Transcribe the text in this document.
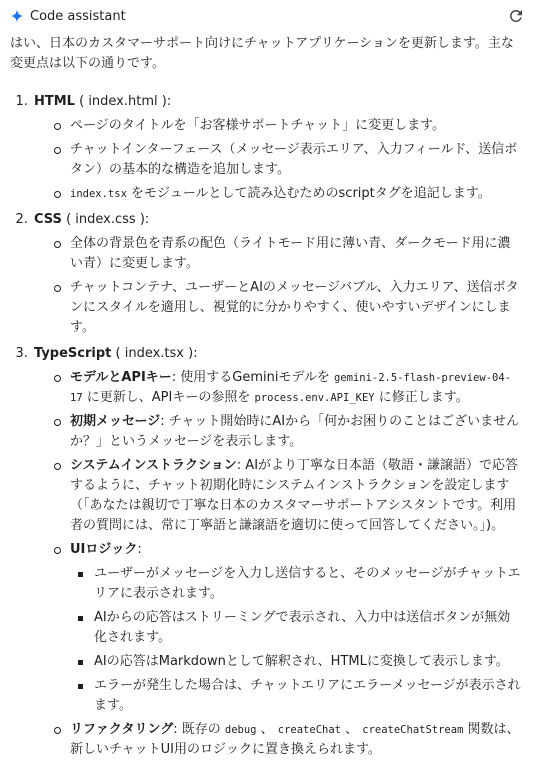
Code assistant

はい、日本のカスタマーサポート向けにチャットアプリケーションを更新します。主な変更点は以下の通りです。

1. HTML ( index.html ):
ページのタイトルを「お客様サポートチャット」に変更します。
チャットインターフェース（メッセージ表示エリア、入力フィールド、送信ボタン）の基本的な構造を追加します。
index.tsx をモジュールとして読み込むためのscriptタグを追記します。
2. CSS ( index.css ):
全体の背景色を青系の配色（ライトモード用に薄い青、ダークモード用に濃い青）に変更します。
チャットコンテナ、ユーザーとAIのメッセージバブル、入力エリア、送信ボタンにスタイルを適用し、視覚的に分かりやすく、使いやすいデザインにします。
3. TypeScript ( index.tsx ):
モデルとAPIキー: 使用するGeminiモデルを gemini-2.5-flash-preview-04-17 に更新し、APIキーの参照を process.env.API_KEY に修正します。
初期メッセージ: チャット開始時にAIから「何かお困りのことはございませんか？」というメッセージを表示します。
システムインストラクション: AIがより丁寧な日本語（敬語・謙譲語）で応答するように、チャット初期化時にシステムインストラクションを設定します（「あなたは親切で丁寧な日本のカスタマーサポートアシスタントです。利用者の質問には、常に丁寧語と謙譲語を適切に使って回答してください。」)。
UIロジック:
ユーザーがメッセージを入力し送信すると、そのメッセージがチャットエリアに表示されます。
AIからの応答はストリーミングで表示され、入力中は送信ボタンが無効化されます。
AIの応答はMarkdownとして解釈され、HTMLに変換して表示します。
エラーが発生した場合は、チャットエリアにエラーメッセージが表示されます。
リファクタリング: 既存の debug 、 createChat 、 createChatStream 関数は、新しいチャットUI用のロジックに置き換えられます。
